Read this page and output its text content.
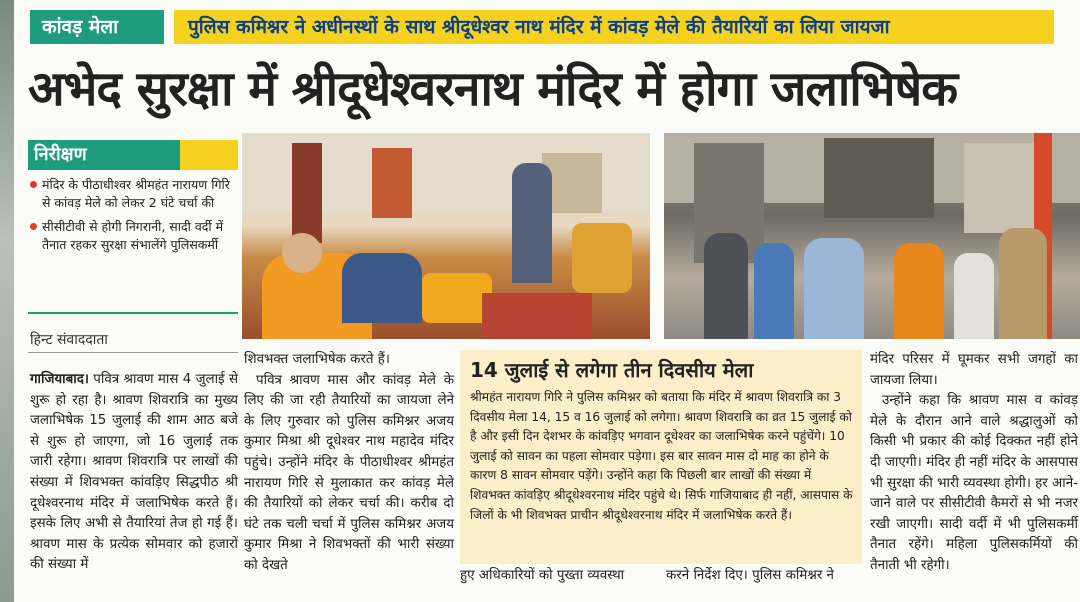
कांवड़ मेला	पुलिस कमिश्नर ने अधीनस्थों के साथ श्रीदूधेश्वर नाथ मंदिर में कांवड़ मेले की तैयारियों का लिया जायजा
अभेद सुरक्षा में श्रीदूधेश्वरनाथ मंदिर में होगा जलाभिषेक
निरीक्षण
मंदिर के पीठाधीश्वर श्रीमहंत नारायण गिरि से कांवड़ मेले को लेकर 2 घंटे चर्चा की
सीसीटीवी से होगी निगरानी, सादी वर्दी में तैनात रहकर सुरक्षा संभालेंगे पुलिसकर्मी
हिन्ट संवाददाता
गाजियाबाद। पवित्र श्रावण मास 4 जुलाई से शुरू हो रहा है। श्रावण शिवरात्रि का मुख्य जलाभिषेक 15 जुलाई की शाम आठ बजे से शुरू हो जाएगा, जो 16 जुलाई तक जारी रहेगा। श्रावण शिवरात्रि पर लाखों की संख्या में शिवभक्त कांवड़िए सिद्धपीठ श्री दूधेश्वरनाथ मंदिर में जलाभिषेक करते हैं। इसके लिए अभी से तैयारियां तेज हो गई हैं। श्रावण मास के प्रत्येक सोमवार को हजारों की संख्या में

शिवभक्त जलाभिषेक करते हैं।

पवित्र श्रावण मास और कांवड़ मेले के लिए की जा रही तैयारियों का जायजा लेने के लिए गुरुवार को पुलिस कमिश्नर अजय कुमार मिश्रा श्री दूधेश्वर नाथ महादेव मंदिर पहुंचे। उन्होंने मंदिर के पीठाधीश्वर श्रीमहंत नारायण गिरि से मुलाकात कर कांवड़ मेले की तैयारियों को लेकर चर्चा की। करीब दो घंटे तक चली चर्चा में पुलिस कमिश्नर अजय कुमार मिश्रा ने शिवभक्तों की भारी संख्या को देखते

14 जुलाई से लगेगा तीन दिवसीय मेला
श्रीमहंत नारायण गिरि ने पुलिस कमिश्नर को बताया कि मंदिर में श्रावण शिवरात्रि का 3 दिवसीय मेला 14, 15 व 16 जुलाई को लगेगा। श्रावण शिवरात्रि का व्रत 15 जुलाई को है और इसी दिन देशभर के कांवड़िए भगवान दूधेश्वर का जलाभिषेक करने पहुंचेंगे। 10 जुलाई को सावन का पहला सोमवार पड़ेगा। इस बार सावन मास दो माह का होने के कारण 8 सावन सोमवार पड़ेंगे। उन्होंने कहा कि पिछली बार लाखों की संख्या में शिवभक्त कांवड़िए श्रीदूधेश्वरनाथ मंदिर पहुंचे थे। सिर्फ गाजियाबाद ही नहीं, आसपास के जिलों के भी शिवभक्त प्राचीन श्रीदूधेश्वरनाथ मंदिर में जलाभिषेक करते हैं।
हुए अधिकारियों को पुख्ता व्यवस्था	करने निर्देश दिए। पुलिस कमिश्नर ने

मंदिर परिसर में घूमकर सभी जगहों का जायजा लिया।

उन्होंने कहा कि श्रावण मास व कांवड़ मेले के दौरान आने वाले श्रद्धालुओं को किसी भी प्रकार की कोई दिक्कत नहीं होने दी जाएगी। मंदिर ही नहीं मंदिर के आसपास भी सुरक्षा की भारी व्यवस्था होगी। हर आने-जाने वाले पर सीसीटीवी कैमरों से भी नजर रखी जाएगी। सादी वर्दी में भी पुलिसकर्मी तैनात रहेंगे। महिला पुलिसकर्मियों की तैनाती भी रहेगी।
